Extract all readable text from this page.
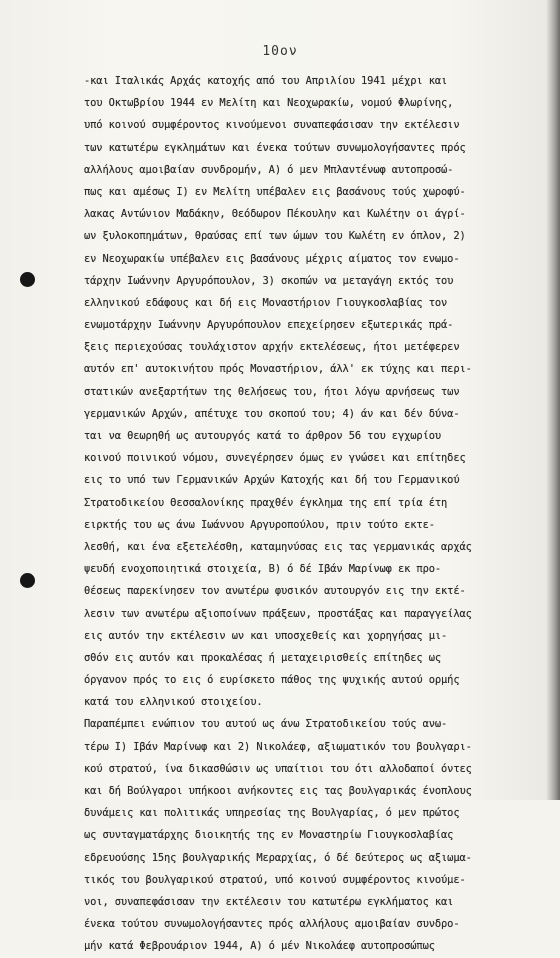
10ον
-και Ιταλικάς Αρχάς κατοχής από του Απριλίου 1941 μέχρι και
του Οκτωβρίου 1944 εν Μελίτη και Νεοχωρακίω, νομού Φλωρίνης,
υπό κοινού συμφέροντος κινούμενοι συναπεφάσισαν την εκτέλεσιν
των κατωτέρω εγκλημάτων και ένεκα τούτων συνωμολογήσαντες πρός
αλλήλους αμοιβαίαν συνδρομήν, Α) ό μεν Μπλαντένωφ αυτοπροσώ-
πως και αμέσως Ι) εν Μελίτη υπέβαλεν εις βασάνους τούς χωροφύ-
λακας Αντώνιον Μαδάκην, Θεόδωρον Πέκουλην και Κωλέτην οι άγρί-
ων ξυλοκοπημάτων, θραύσας επί των ώμων του Κωλέτη εν όπλον, 2)
εν Νεοχωρακίω υπέβαλεν εις βασάνους μέχρις αίματος τον ενωμο-
τάρχην Ιωάννην Αργυρόπουλον, 3) σκοπών να μεταγάγη εκτός του
ελληνικού εδάφους και δή εις Μοναστήριον Γιουγκοσλαβίας τον
ενωμοτάρχην Ιωάννην Αργυρόπουλον επεχείρησεν εξωτερικάς πρά-
ξεις περιεχούσας τουλάχιστον αρχήν εκτελέσεως, ήτοι μετέφερεν
αυτόν επ' αυτοκινήτου πρός Μοναστήριον, άλλ' εκ τύχης και περι-
στατικών ανεξαρτήτων της θελήσεως του, ήτοι λόγω αρνήσεως των
γερμανικών Αρχών, απέτυχε του σκοπού του; 4) άν και δέν δύνα-
ται να θεωρηθή ως αυτουργός κατά το άρθρον 56 του εγχωρίου
κοινού ποινικού νόμου, συνεγέρησεν όμως εν γνώσει και επίτηδες
εις το υπό των Γερμανικών Αρχών Κατοχής και δή του Γερμανικού
Στρατοδικείου Θεσσαλονίκης πραχθέν έγκλημα της επί τρία έτη
ειρκτής του ως άνω Ιωάννου Αργυροπούλου, πριν τούτο εκτε-
λεσθή, και ένα εξετελέσθη, καταμηνύσας εις τας γερμανικάς αρχάς
ψευδή ενοχοποιητικά στοιχεία, Β) ό δέ Ιβάν Μαρίνωφ εκ προ-
θέσεως παρεκίνησεν τον ανωτέρω φυσικόν αυτουργόν εις την εκτέ-
λεσιν των ανωτέρω αξιοποίνων πράξεων, προστάξας και παραγγείλας
εις αυτόν την εκτέλεσιν ων και υποσχεθείς και χορηγήσας μι-
σθόν εις αυτόν και προκαλέσας ή μεταχειρισθείς επίτηδες ως
όργανον πρός το εις ό ευρίσκετο πάθος της ψυχικής αυτού ορμής
κατά του ελληνικού στοιχείου.
Παραπέμπει ενώπιον του αυτού ως άνω Στρατοδικείου τούς ανω-
τέρω Ι) Ιβάν Μαρίνωφ και 2) Νικολάεφ, αξιωματικόν του βουλγαρι-
κού στρατού, ίνα δικασθώσιν ως υπαίτιοι του ότι αλλοδαποί όντες
και δή Βούλγαροι υπήκοοι ανήκοντες εις τας βουλγαρικάς ένοπλους
δυνάμεις και πολιτικάς υπηρεσίας της Βουλγαρίας, ό μεν πρώτος
ως συνταγματάρχης διοικητής της εν Μοναστηρίω Γιουγκοσλαβίας
εδρευούσης 15ης βουλγαρικής Μεραρχίας, ό δέ δεύτερος ως αξιωμα-
τικός του βουλγαρικού στρατού, υπό κοινού συμφέροντος κινούμε-
νοι, συναπεφάσισαν την εκτέλεσιν του κατωτέρω εγκλήματος και
ένεκα τούτου συνωμολογήσαντες πρός αλλήλους αμοιβαίαν συνδρο-
μήν κατά Φεβρουάριον 1944, Α) ό μέν Νικολάεφ αυτοπροσώπως
